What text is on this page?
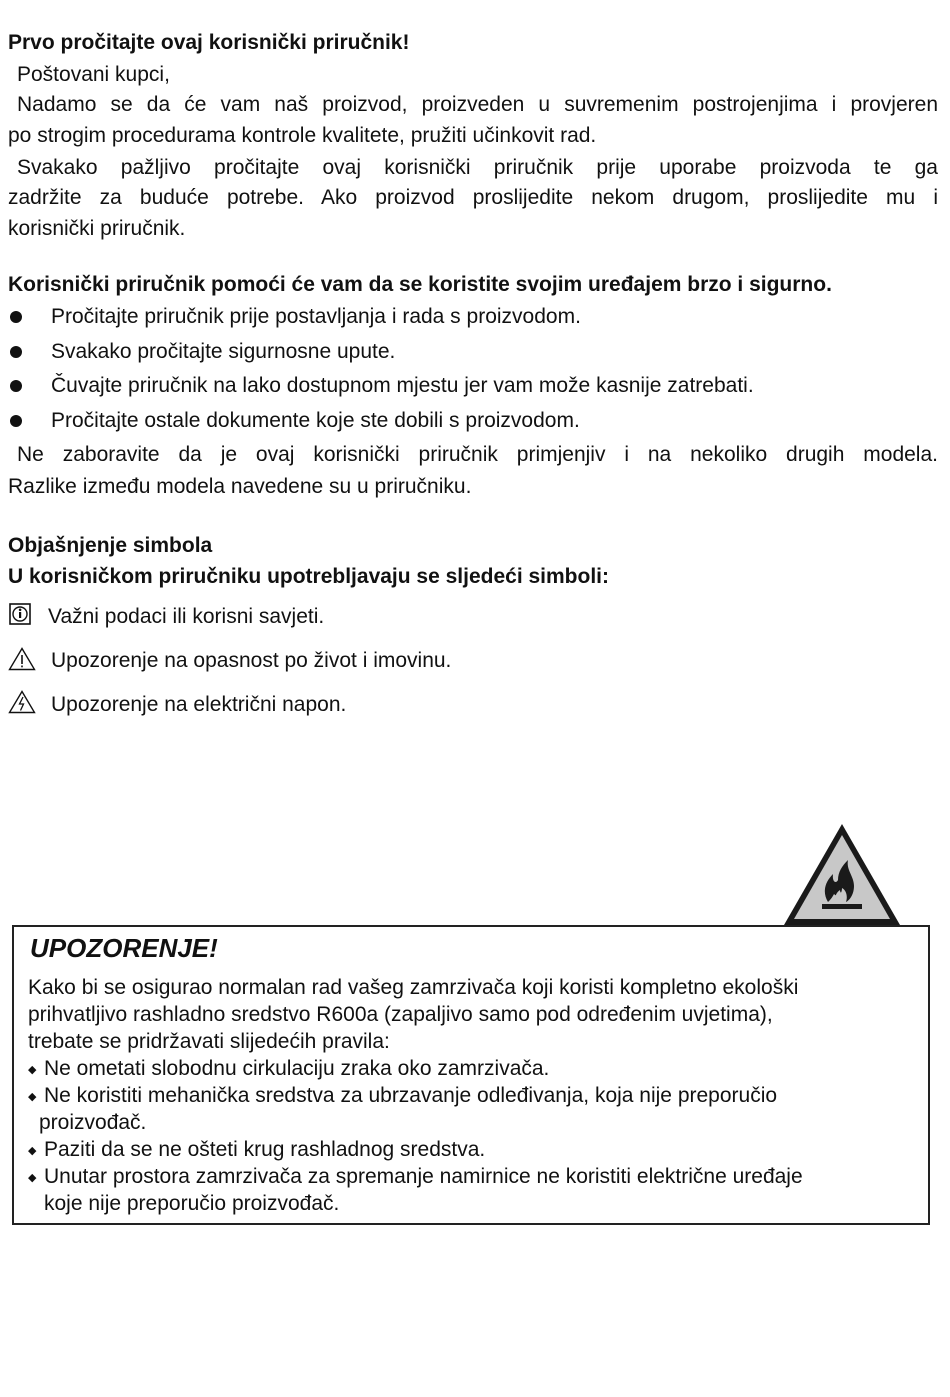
Prvo pročitajte ovaj korisnički priručnik!
Poštovani kupci,
Nadamo se da će vam naš proizvod, proizveden u suvremenim postrojenjima i provjeren
po strogim procedurama kontrole kvalitete, pružiti učinkovit rad.
Svakako pažljivo pročitajte ovaj korisnički priručnik prije uporabe proizvoda te ga
zadržite za buduće potrebe. Ako proizvod proslijedite nekom drugom, proslijedite mu i
korisnički priručnik.
Korisnički priručnik pomoći će vam da se koristite svojim uređajem brzo i sigurno.
Pročitajte priručnik prije postavljanja i rada s proizvodom.
Svakako pročitajte sigurnosne upute.
Čuvajte priručnik na lako dostupnom mjestu jer vam može kasnije zatrebati.
Pročitajte ostale dokumente koje ste dobili s proizvodom.
Ne zaboravite da je ovaj korisnički priručnik primjenjiv i na nekoliko drugih modela.
Razlike između modela navedene su u priručniku.
Objašnjenje simbola
U korisničkom priručniku upotrebljavaju se sljedeći simboli:
Važni podaci ili korisni savjeti.
Upozorenje na opasnost po život i imovinu.
Upozorenje na električni napon.
UPOZORENJE!
Kako bi se osigurao normalan rad vašeg zamrzivača koji koristi kompletno ekološki
prihvatljivo rashladno sredstvo R600a (zapaljivo samo pod određenim uvjetima),
trebate se pridržavati slijedećih pravila:
◆ Ne ometati slobodnu cirkulaciju zraka oko zamrzivača.
◆ Ne koristiti mehanička sredstva za ubrzavanje odleđivanja, koja nije preporučio
proizvođač.
◆ Paziti da se ne ošteti krug rashladnog sredstva.
◆ Unutar prostora zamrzivača za spremanje namirnice ne koristiti električne uređaje
koje nije preporučio proizvođač.
